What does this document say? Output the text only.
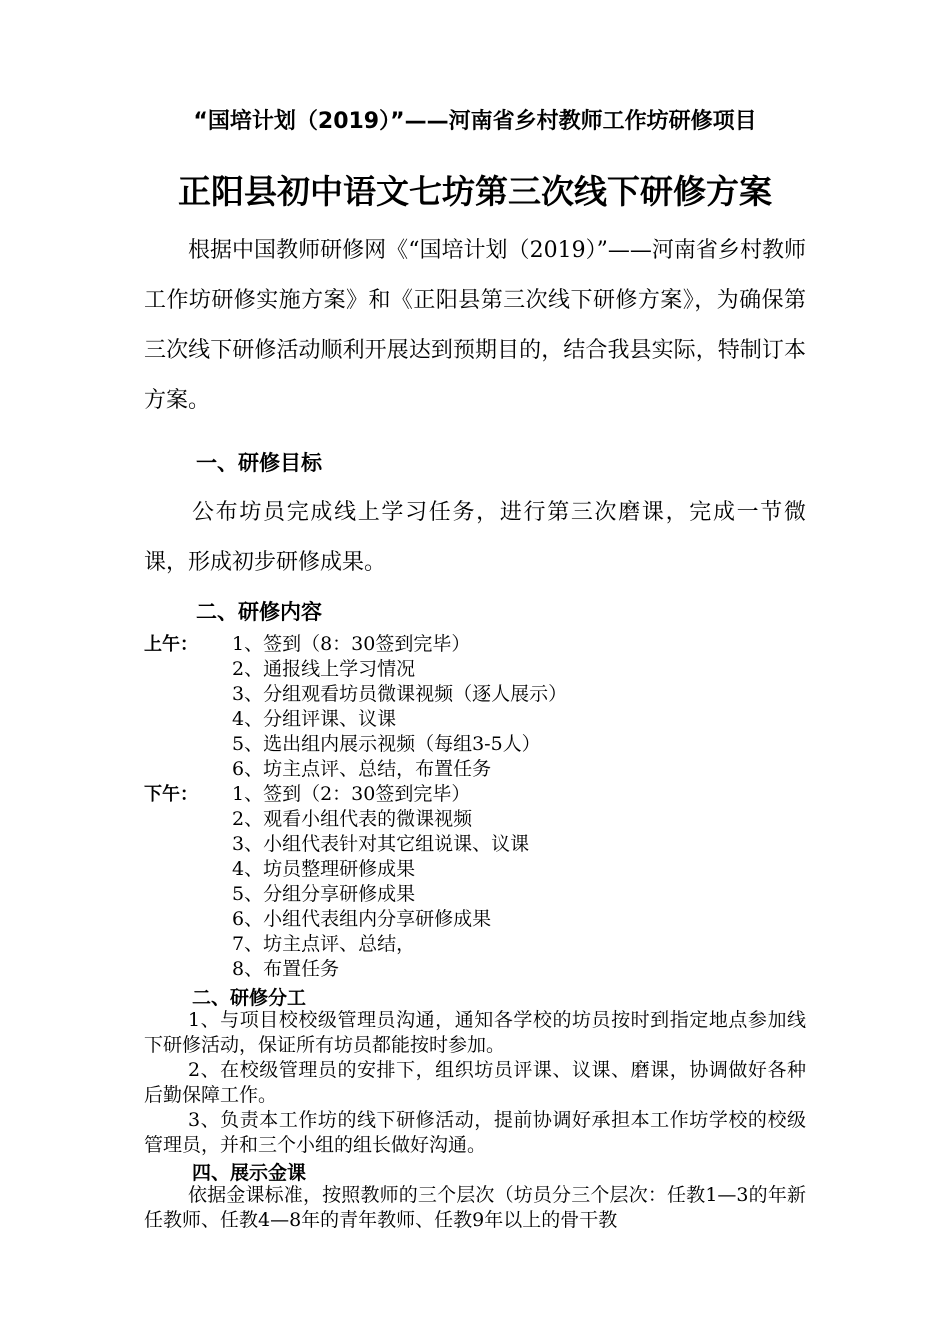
“国培计划（2019）”——河南省乡村教师工作坊研修项目
正阳县初中语文七坊第三次线下研修方案

根据中国教师研修网《“国培计划（2019）”——河南省乡村教师工作坊研修实施方案》和《正阳县第三次线下研修方案》，为确保第三次线下研修活动顺利开展达到预期目的，结合我县实际，特制订本方案。

一、研修目标

公布坊员完成线上学习任务，进行第三次磨课，完成一节微课，形成初步研修成果。

二、研修内容
上午： 1、签到（8：30签到完毕）
2、通报线上学习情况
3、分组观看坊员微课视频（逐人展示）
4、分组评课、议课
5、选出组内展示视频（每组3-5人）
6、坊主点评、总结，布置任务
下午： 1、签到（2：30签到完毕）
2、观看小组代表的微课视频
3、小组代表针对其它组说课、议课
4、坊员整理研修成果
5、分组分享研修成果
6、小组代表组内分享研修成果
7、坊主点评、总结，
8、布置任务
二、研修分工

1、与项目校校级管理员沟通，通知各学校的坊员按时到指定地点参加线下研修活动，保证所有坊员都能按时参加。

2、在校级管理员的安排下，组织坊员评课、议课、磨课，协调做好各种后勤保障工作。

3、负责本工作坊的线下研修活动，提前协调好承担本工作坊学校的校级管理员，并和三个小组的组长做好沟通。

四、展示金课

依据金课标准，按照教师的三个层次（坊员分三个层次：任教1—3的年新任教师、任教4—8年的青年教师、任教9年以上的骨干教
